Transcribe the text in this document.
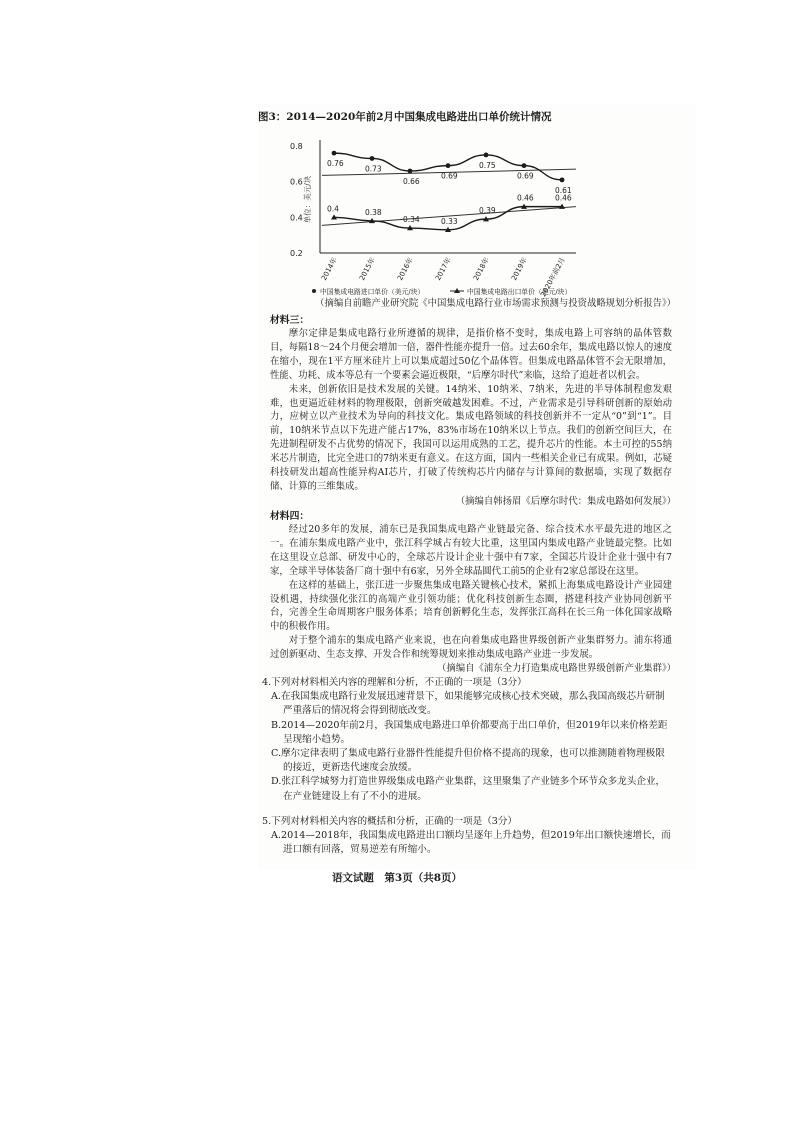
图3：2014—2020年前2月中国集成电路进出口单价统计情况
0.8
0.6
0.4
0.2
单位：美元/块
0.76
0.73
0.66
0.69
0.75
0.69
0.61
0.4	0.38
0.34	0.33
0.39
0.46	0.46
2014年	2015年	2016年	2017年	2018年	2019年 2020年前2月
中国集成电路进口单价（美元/块）	中国集成电路出口单价（美元/块）
（摘编自前瞻产业研究院《中国集成电路行业市场需求预测与投资战略规划分析报告》）
材料三：

摩尔定律是集成电路行业所遵循的规律，是指价格不变时，集成电路上可容纳的晶体管数目，每隔18～24个月便会增加一倍，器件性能亦提升一倍。过去60余年，集成电路以惊人的速度在缩小，现在1平方厘米硅片上可以集成超过50亿个晶体管。但集成电路晶体管不会无限增加，性能、功耗、成本等总有一个要素会逼近极限，“后摩尔时代”来临，这给了追赶者以机会。

未来，创新依旧是技术发展的关键。14纳米、10纳米、7纳米，先进的半导体制程愈发艰难，也更逼近硅材料的物理极限，创新突破越发困难。不过，产业需求是引导科研创新的原始动力，应树立以产业技术为导向的科技文化。集成电路领域的科技创新并不一定从“0”到“1”。目前，10纳米节点以下先进产能占17%，83%市场在10纳米以上节点。我们的创新空间巨大，在先进制程研发不占优势的情况下，我国可以运用成熟的工艺，提升芯片的性能。本土可控的55纳米芯片制造，比完全进口的7纳米更有意义。在这方面，国内一些相关企业已有成果。例如，芯疑科技研发出超高性能异构AI芯片，打破了传统构芯片内储存与计算间的数据墙，实现了数据存储、计算的三维集成。

（摘编自韩扬眉《后摩尔时代：集成电路如何发展》）
材料四：

经过20多年的发展，浦东已是我国集成电路产业链最完备、综合技术水平最先进的地区之一。在浦东集成电路产业中，张江科学城占有较大比重，这里国内集成电路产业链最完整。比如在这里设立总部、研发中心的，全球芯片设计企业十强中有7家，全国芯片设计企业十强中有7家，全球半导体装备厂商十强中有6家，另外全球晶圆代工前5的企业有2家总部设在这里。

在这样的基础上，张江进一步聚焦集成电路关键核心技术，紧抓上海集成电路设计产业园建设机遇，持续强化张江的高端产业引领功能；优化科技创新生态圈，搭建科技产业协同创新平台，完善全生命周期客户服务体系；培育创新孵化生态，发挥张江高科在长三角一体化国家战略中的积极作用。

对于整个浦东的集成电路产业来说，也在向着集成电路世界级创新产业集群努力。浦东将通过创新驱动、生态支撑、开发合作和统筹规划来推动集成电路产业进一步发展。

（摘编自《浦东全力打造集成电路世界级创新产业集群》）

4.下列对材料相关内容的理解和分析，不正确的一项是（3分）

A.在我国集成电路行业发展迅速背景下，如果能够完成核心技术突破，那么我国高级芯片研制严重落后的情况将会得到彻底改变。

B.2014—2020年前2月，我国集成电路进口单价都要高于出口单价，但2019年以来价格差距呈现缩小趋势。

C.摩尔定律表明了集成电路行业器件性能提升但价格不提高的现象，也可以推测随着物理极限的接近，更新迭代速度会放缓。

D.张江科学城努力打造世界级集成电路产业集群，这里聚集了产业链多个环节众多龙头企业，在产业链建设上有了不小的进展。

5.下列对材料相关内容的概括和分析，正确的一项是（3分）

A.2014—2018年，我国集成电路进出口额均呈逐年上升趋势，但2019年出口额快速增长，而进口额有回落，贸易逆差有所缩小。

语文试题　第3页（共8页）
